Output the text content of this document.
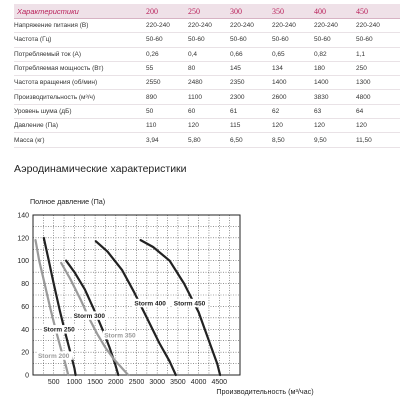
Характеристики	200	250	300	350	400	450
Напряжение питания (В)	220-240	220-240	220-240	220-240	220-240	220-240
Частота (Гц)	50-60	50-60	50-60	50-60	50-60	50-60
Потребляемый ток (А)	0,26	0,4	0,66	0,65	0,82	1,1
Потребляемая мощность (Вт)	55	80	145	134	180	250
Частота вращения (об/мин)	2550	2480	2350	1400	1400	1300
Производительность (м³/ч)	890	1100	2300	2600	3830	4800
Уровень шума (дБ)	50	60	61	62	63	64
Давление (Па)	110	120	115	120	120	120
Масса (кг)	3,94	5,80	6,50	8,50	9,50	11,50
Аэродинамические характеристики
0
20
40
60
80
100
120
140
500 1000 1500 2000 2500 3000 3500 4000 4500
Полное давление (Па)
Производительность (м³/час)
Storm 200
Storm 250
Storm 300
Storm 350
Storm 400 Storm 450
